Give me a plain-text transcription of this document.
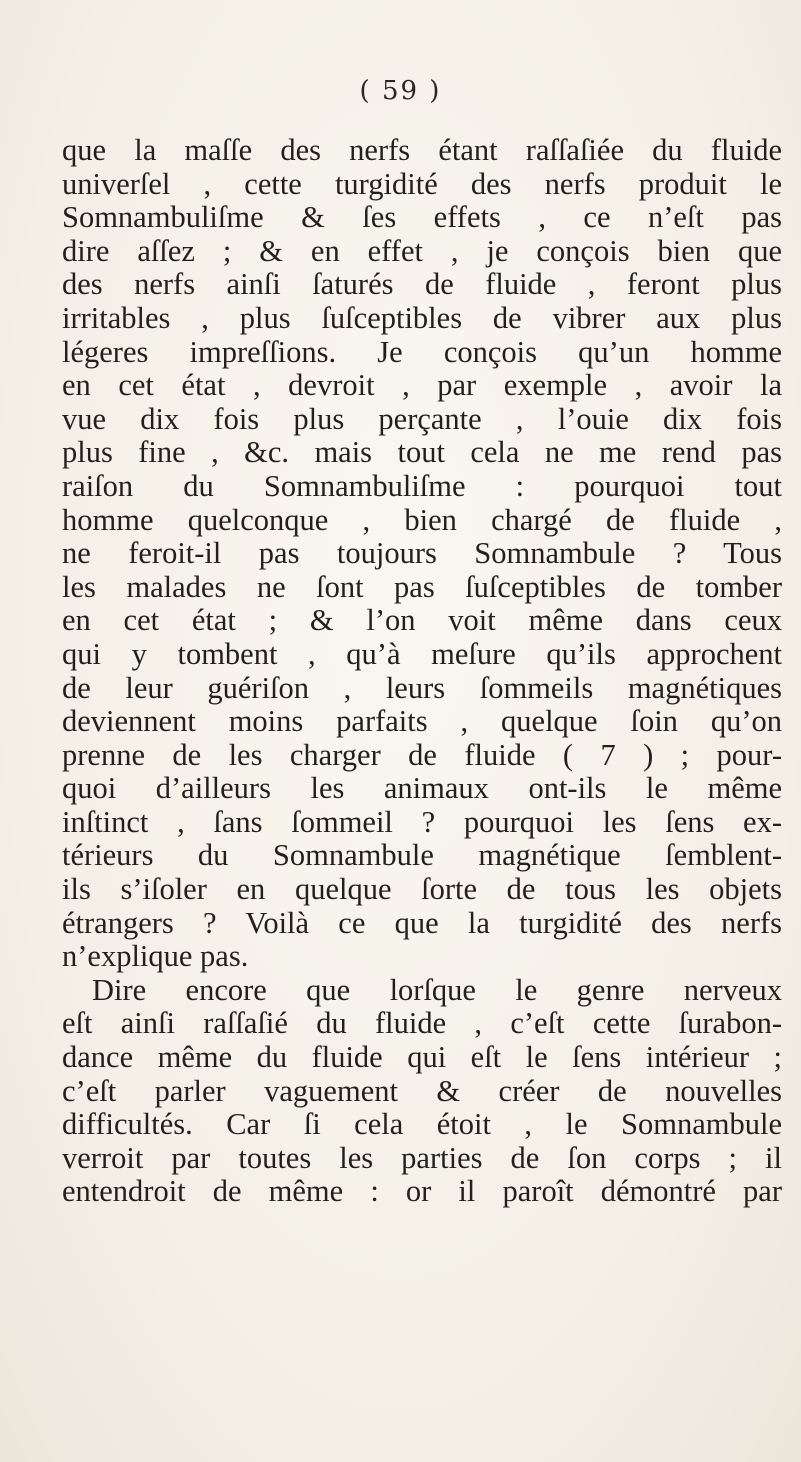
( 59 )
que la maſſe des nerfs étant raſſaſiée du fluide
univerſel , cette turgidité des nerfs produit le
Somnambuliſme & ſes effets , ce n’eſt pas
dire aſſez ; & en effet , je conçois bien que
des nerfs ainſi ſaturés de fluide , feront plus
irritables , plus ſuſceptibles de vibrer aux plus
légeres impreſſions. Je conçois qu’un homme
en cet état , devroit , par exemple , avoir la
vue dix fois plus perçante , l’ouie dix fois
plus fine , &c. mais tout cela ne me rend pas
raiſon du Somnambuliſme : pourquoi tout
homme quelconque , bien chargé de fluide ,
ne feroit-il pas toujours Somnambule ? Tous
les malades ne ſont pas ſuſceptibles de tomber
en cet état ; & l’on voit même dans ceux
qui y tombent , qu’à meſure qu’ils approchent
de leur guériſon , leurs ſommeils magnétiques
deviennent moins parfaits , quelque ſoin qu’on
prenne de les charger de fluide ( 7 ) ; pour-
quoi d’ailleurs les animaux ont-ils le même
inſtinct , ſans ſommeil ? pourquoi les ſens ex-
térieurs du Somnambule magnétique ſemblent-
ils s’iſoler en quelque ſorte de tous les objets
étrangers ? Voilà ce que la turgidité des nerfs
n’explique pas.
Dire encore que lorſque le genre nerveux
eſt ainſi raſſaſié du fluide , c’eſt cette ſurabon-
dance même du fluide qui eſt le ſens intérieur ;
c’eſt parler vaguement & créer de nouvelles
difficultés. Car ſi cela étoit , le Somnambule
verroit par toutes les parties de ſon corps ; il
entendroit de même : or il paroît démontré par
